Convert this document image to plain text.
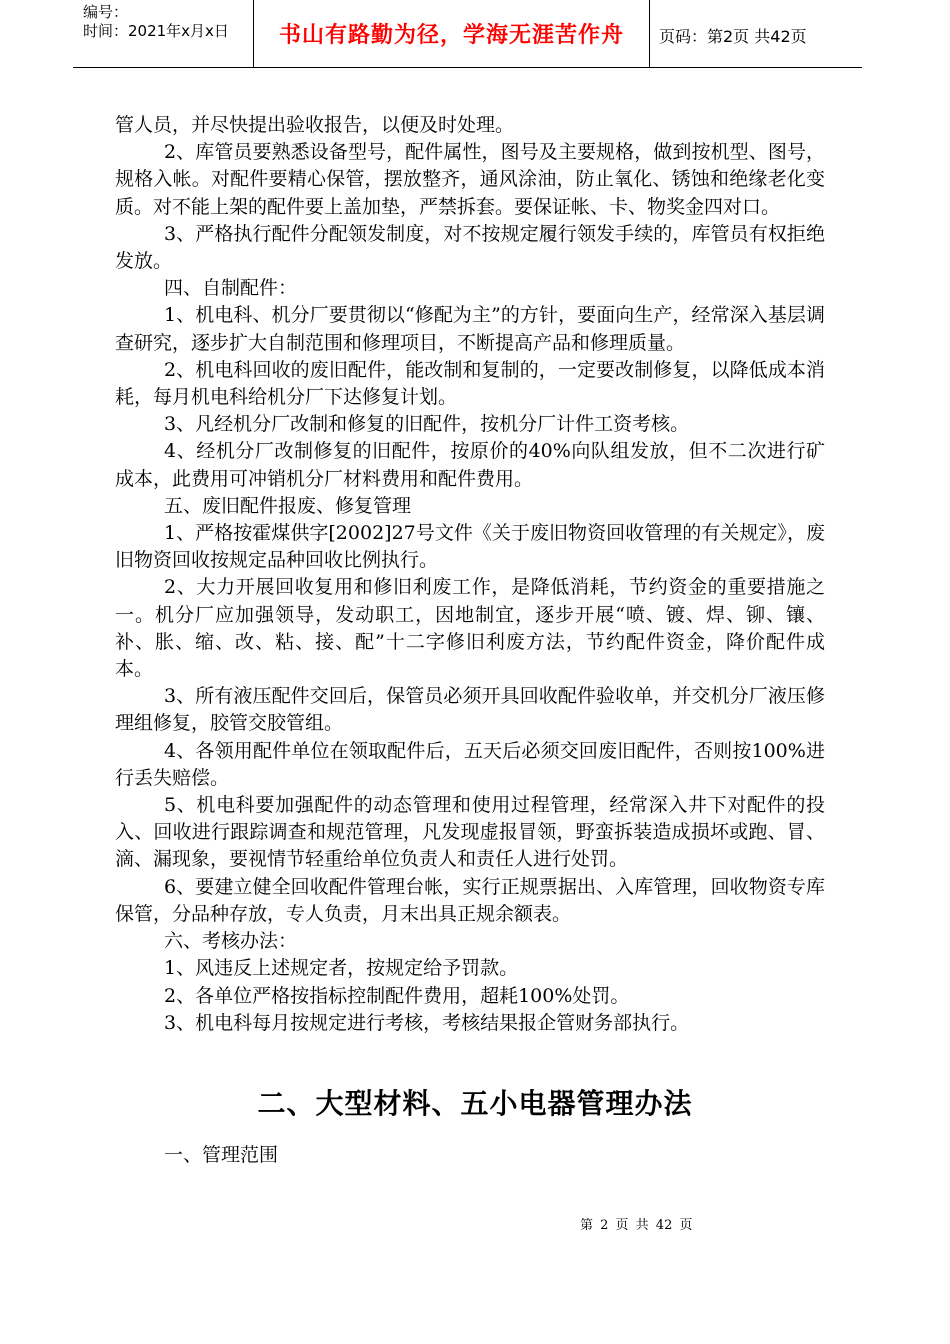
编号：
时间：2021年x月x日	书山有路勤为径，学海无涯苦作舟	页码：第2页 共42页

管人员，并尽快提出验收报告，以便及时处理。

2、库管员要熟悉设备型号，配件属性，图号及主要规格，做到按机型、图号，规格入帐。对配件要精心保管，摆放整齐，通风涂油，防止氧化、锈蚀和绝缘老化变质。对不能上架的配件要上盖加垫，严禁拆套。要保证帐、卡、物奖金四对口。

3、严格执行配件分配领发制度，对不按规定履行领发手续的，库管员有权拒绝发放。

四、自制配件：

1、机电科、机分厂要贯彻以“修配为主”的方针，要面向生产，经常深入基层调查研究，逐步扩大自制范围和修理项目，不断提高产品和修理质量。

2、机电科回收的废旧配件，能改制和复制的，一定要改制修复，以降低成本消耗，每月机电科给机分厂下达修复计划。

3、凡经机分厂改制和修复的旧配件，按机分厂计件工资考核。

4、经机分厂改制修复的旧配件，按原价的40%向队组发放，但不二次进行矿成本，此费用可冲销机分厂材料费用和配件费用。

五、废旧配件报废、修复管理

1、严格按霍煤供字[2002]27号文件《关于废旧物资回收管理的有关规定》，废旧物资回收按规定品种回收比例执行。

2、大力开展回收复用和修旧利废工作，是降低消耗，节约资金的重要措施之一。机分厂应加强领导，发动职工，因地制宜，逐步开展“喷、镀、焊、铆、镶、补、胀、缩、改、粘、接、配”十二字修旧利废方法，节约配件资金，降价配件成本。

3、所有液压配件交回后，保管员必须开具回收配件验收单，并交机分厂液压修理组修复，胶管交胶管组。

4、各领用配件单位在领取配件后，五天后必须交回废旧配件，否则按100%进行丢失赔偿。

5、机电科要加强配件的动态管理和使用过程管理，经常深入井下对配件的投入、回收进行跟踪调查和规范管理，凡发现虚报冒领，野蛮拆装造成损坏或跑、冒、滴、漏现象，要视情节轻重给单位负责人和责任人进行处罚。

6、要建立健全回收配件管理台帐，实行正规票据出、入库管理，回收物资专库保管，分品种存放，专人负责，月末出具正规余额表。

六、考核办法：

1、风违反上述规定者，按规定给予罚款。

2、各单位严格按指标控制配件费用，超耗100%处罚。

3、机电科每月按规定进行考核，考核结果报企管财务部执行。

二、大型材料、五小电器管理办法
一、管理范围
第 2 页 共 42 页
